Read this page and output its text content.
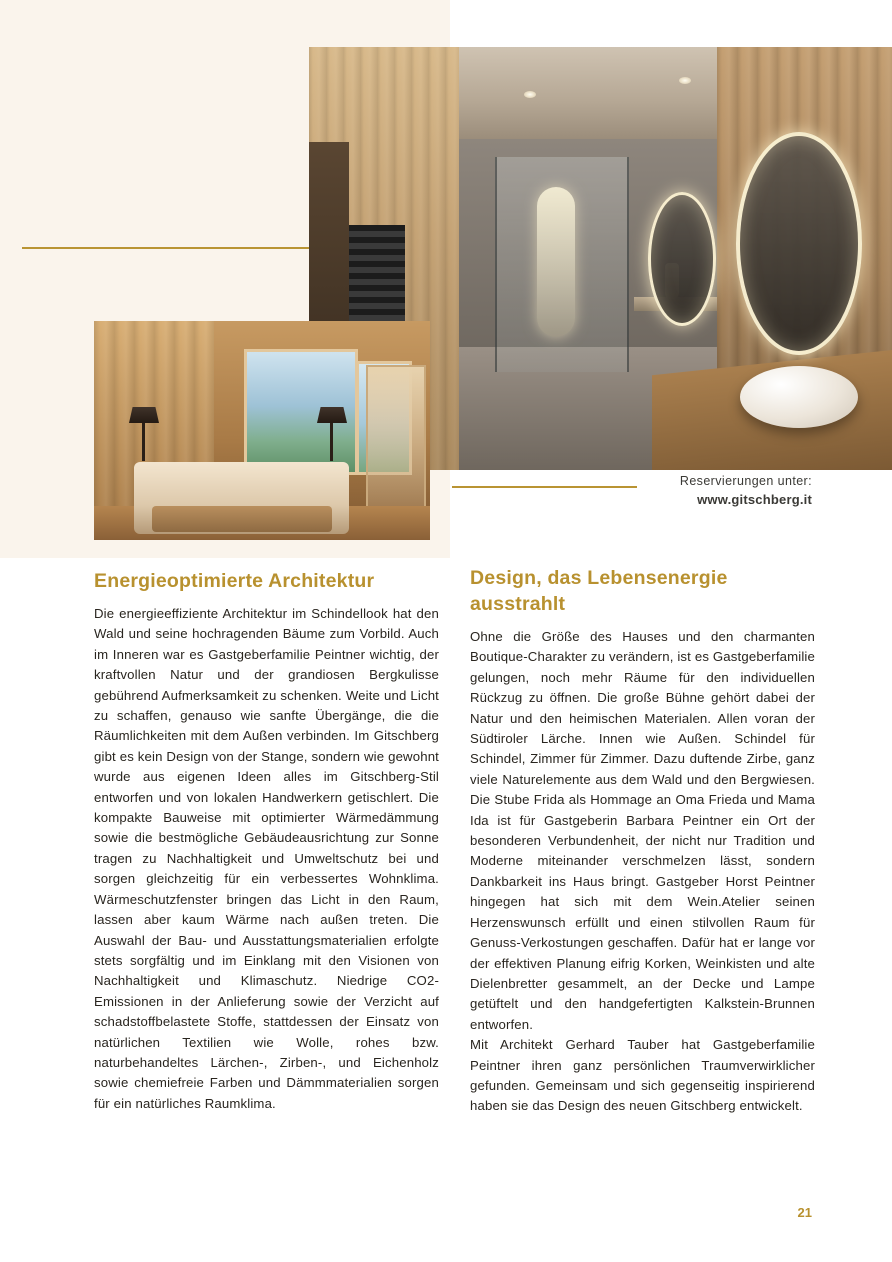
Reservierungen unter:
www.gitschberg.it
Energieoptimierte Architektur

Die energieeffiziente Architektur im Schindellook hat den Wald und seine hochragenden Bäume zum Vorbild. Auch im Inneren war es Gastgeberfamilie Peintner wichtig, der kraftvollen Natur und der grandiosen Bergkulisse gebührend Aufmerksamkeit zu schenken. Weite und Licht zu schaffen, genauso wie sanfte Übergänge, die die Räumlichkeiten mit dem Außen verbinden. Im Gitschberg gibt es kein Design von der Stange, sondern wie gewohnt wurde aus eigenen Ideen alles im Gitschberg-Stil entworfen und von lokalen Handwerkern getischlert. Die kompakte Bauweise mit optimierter Wärmedämmung sowie die bestmögliche Gebäudeausrichtung zur Sonne tragen zu Nachhaltigkeit und Umweltschutz bei und sorgen gleichzeitig für ein verbessertes Wohnklima. Wärmeschutzfenster bringen das Licht in den Raum, lassen aber kaum Wärme nach außen treten. Die Auswahl der Bau- und Ausstattungsmaterialien erfolgte stets sorgfältig und im Einklang mit den Visionen von Nachhaltigkeit und Klimaschutz. Niedrige CO2-Emissionen in der Anlieferung sowie der Verzicht auf schadstoffbelastete Stoffe, stattdessen der Einsatz von natürlichen Textilien wie Wolle, rohes bzw. naturbehandeltes Lärchen-, Zirben-, und Eichenholz sowie chemiefreie Farben und Dämmmaterialien sorgen für ein natürliches Raumklima.

Design, das Lebensenergie ausstrahlt

Ohne die Größe des Hauses und den charmanten Boutique-Charakter zu verändern, ist es Gastgeberfamilie gelungen, noch mehr Räume für den individuellen Rückzug zu öffnen. Die große Bühne gehört dabei der Natur und den heimischen Materialen. Allen voran der Südtiroler Lärche. Innen wie Außen. Schindel für Schindel, Zimmer für Zimmer. Dazu duftende Zirbe, ganz viele Naturelemente aus dem Wald und den Bergwiesen. Die Stube Frida als Hommage an Oma Frieda und Mama Ida ist für Gastgeberin Barbara Peintner ein Ort der besonderen Verbundenheit, der nicht nur Tradition und Moderne miteinander verschmelzen lässt, sondern Dankbarkeit ins Haus bringt. Gastgeber Horst Peintner hingegen hat sich mit dem Wein.Atelier seinen Herzenswunsch erfüllt und einen stilvollen Raum für Genuss-Verkostungen geschaffen. Dafür hat er lange vor der effektiven Planung eifrig Korken, Weinkisten und alte Dielenbretter gesammelt, an der Decke und Lampe getüftelt und den handgefertigten Kalkstein-Brunnen entworfen.

Mit Architekt Gerhard Tauber hat Gastgeberfamilie Peintner ihren ganz persönlichen Traumverwirklicher gefunden. Gemeinsam und sich gegenseitig inspirierend haben sie das Design des neuen Gitschberg entwickelt.

21
